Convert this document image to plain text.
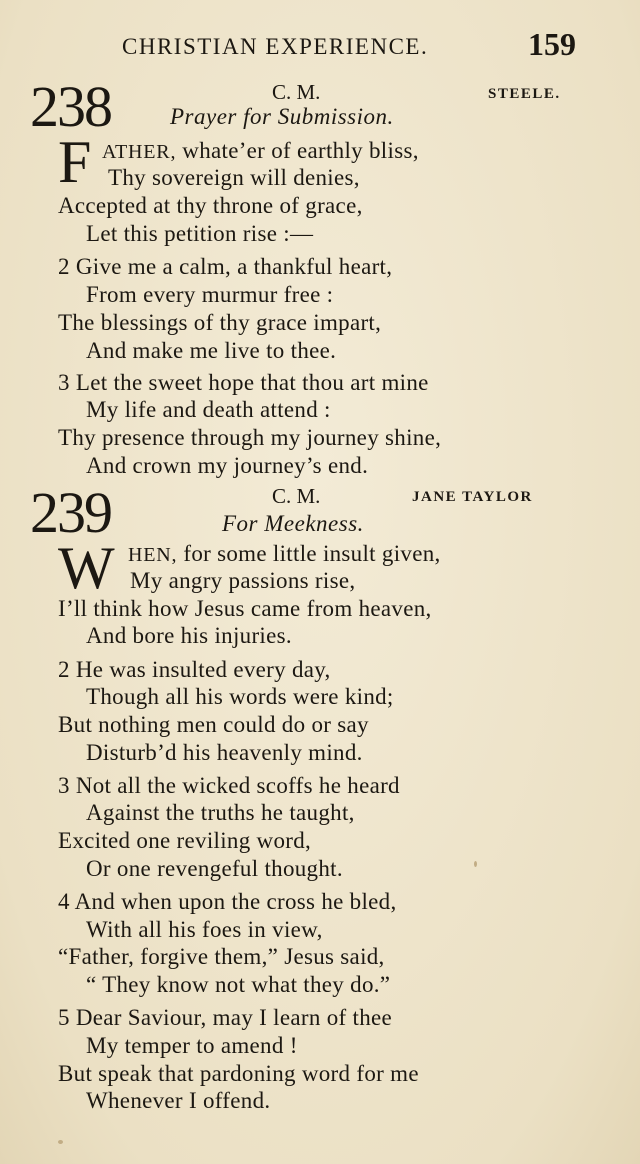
CHRISTIAN EXPERIENCE.	159
238	C. M.	STEELE.
Prayer for Submission.
F ATHER, whate’er of earthly bliss,
Thy sovereign will denies,
Accepted at thy throne of grace,
Let this petition rise :—
2 Give me a calm, a thankful heart,
From every murmur free :
The blessings of thy grace impart,
And make me live to thee.
3 Let the sweet hope that thou art mine
My life and death attend :
Thy presence through my journey shine,
And crown my journey’s end.
239	C. M.	JANE TAYLOR
For Meekness.
W HEN, for some little insult given,
My angry passions rise,
I’ll think how Jesus came from heaven,
And bore his injuries.
2 He was insulted every day,
Though all his words were kind;
But nothing men could do or say
Disturb’d his heavenly mind.
3 Not all the wicked scoffs he heard
Against the truths he taught,
Excited one reviling word,
Or one revengeful thought.
4 And when upon the cross he bled,
With all his foes in view,
“Father, forgive them,” Jesus said,
“ They know not what they do.”
5 Dear Saviour, may I learn of thee
My temper to amend !
But speak that pardoning word for me
Whenever I offend.
